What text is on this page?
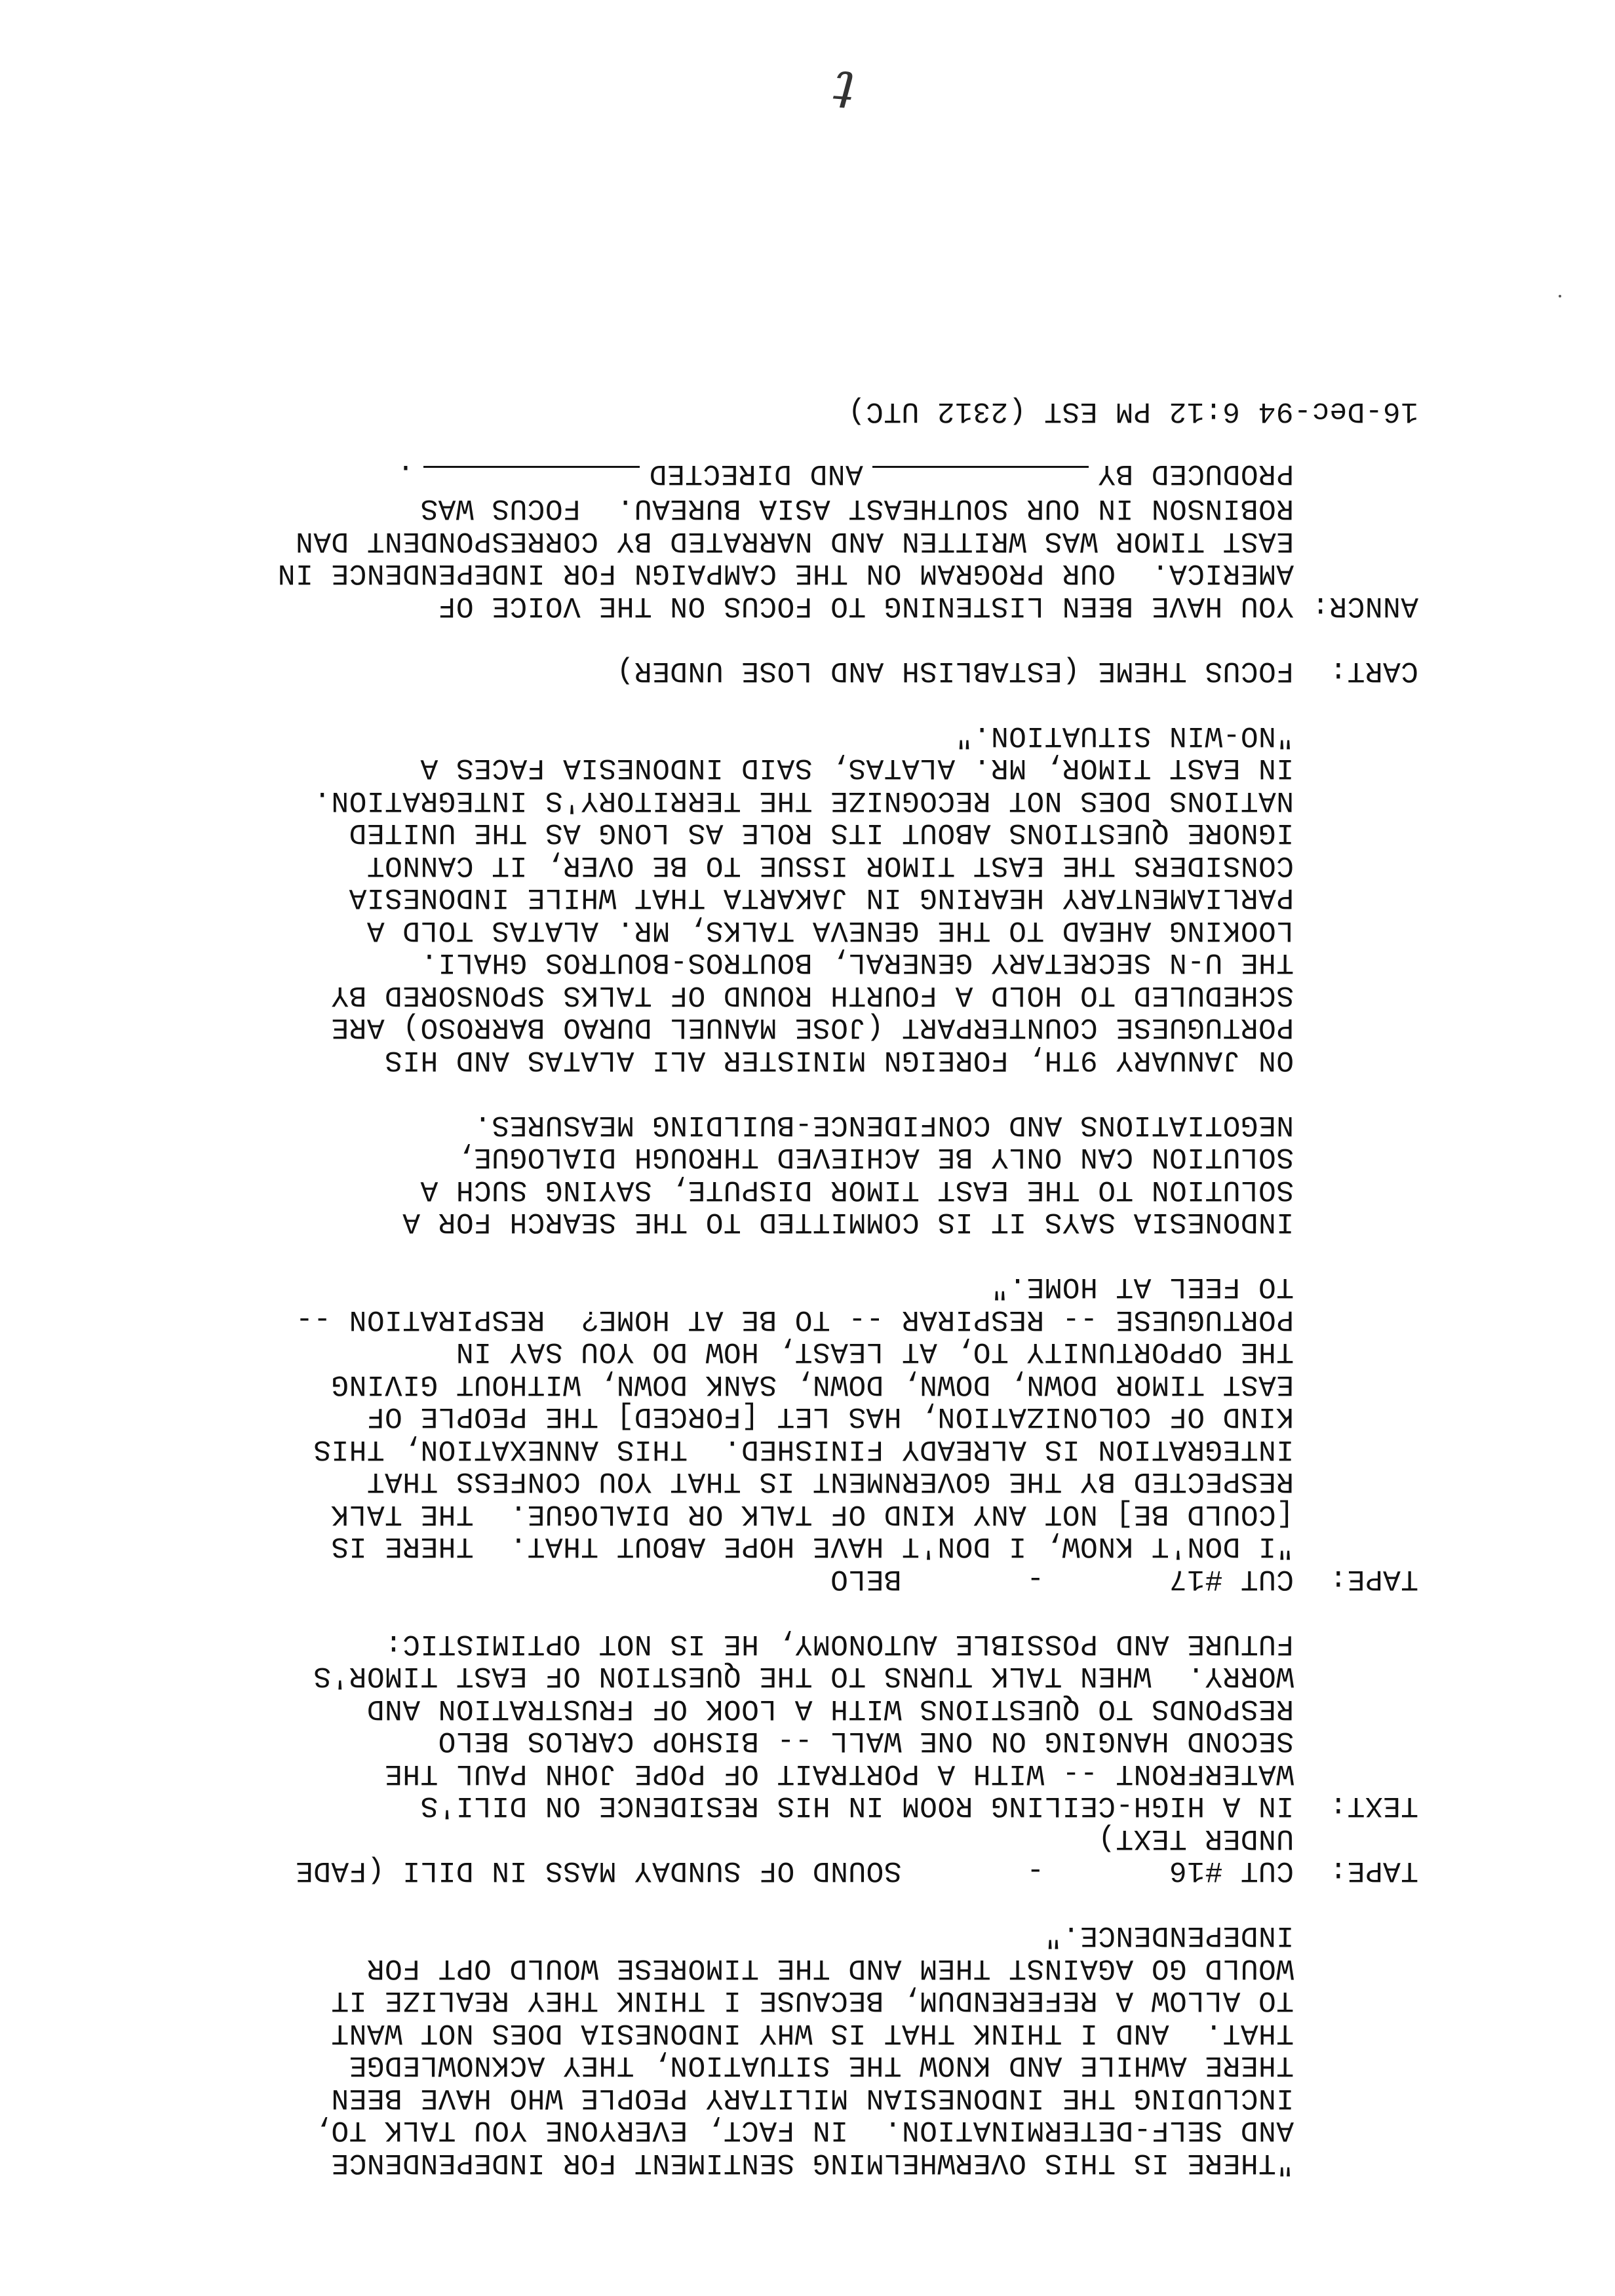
"THERE IS THIS OVERWHELMING SENTIMENT FOR INDEPENDENCE
AND SELF-DETERMINATION.  IN FACT, EVERYONE YOU TALK TO,
INCLUDING THE INDONESIAN MILITARY PEOPLE WHO HAVE BEEN
THERE AWHILE AND KNOW THE SITUATION, THEY ACKNOWLEDGE
THAT.  AND I THINK THAT IS WHY INDONESIA DOES NOT WANT
TO ALLOW A REFERENDUM, BECAUSE I THINK THEY REALIZE IT
WOULD GO AGAINST THEM AND THE TIMORESE WOULD OPT FOR
INDEPENDENCE."
TAPE:
CUT #16       -       SOUND OF SUNDAY MASS IN DILI (FADE
UNDER TEXT)
TEXT:
IN A HIGH-CEILING ROOM IN HIS RESIDENCE ON DILI'S
WATERFRONT -- WITH A PORTRAIT OF POPE JOHN PAUL THE
SECOND HANGING ON ONE WALL -- BISHOP CARLOS BELO
RESPONDS TO QUESTIONS WITH A LOOK OF FRUSTRATION AND
WORRY.  WHEN TALK TURNS TO THE QUESTION OF EAST TIMOR'S
FUTURE AND POSSIBLE AUTONOMY, HE IS NOT OPTIMISTIC:
TAPE:
CUT #17       -       BELO
"I DON'T KNOW, I DON'T HAVE HOPE ABOUT THAT.  THERE IS
[COULD BE] NOT ANY KIND OF TALK OR DIALOGUE.  THE TALK
RESPECTED BY THE GOVERNMENT IS THAT YOU CONFESS THAT
INTEGRATION IS ALREADY FINISHED.  THIS ANNEXATION, THIS
KIND OF COLONIZATION, HAS LET [FORCED] THE PEOPLE OF
EAST TIMOR DOWN, DOWN, DOWN, SANK DOWN, WITHOUT GIVING
THE OPPORTUNITY TO, AT LEAST, HOW DO YOU SAY IN
PORTUGUESE -- RESPIRAR -- TO BE AT HOME?  RESPIRATION --
TO FEEL AT HOME."
INDONESIA SAYS IT IS COMMITTED TO THE SEARCH FOR A
SOLUTION TO THE EAST TIMOR DISPUTE, SAYING SUCH A
SOLUTION CAN ONLY BE ACHIEVED THROUGH DIALOGUE,
NEGOTIATIONS AND CONFIDENCE-BUILDING MEASURES.
ON JANUARY 9TH, FOREIGN MINISTER ALI ALATAS AND HIS
PORTUGUESE COUNTERPART (JOSE MANUEL DURAO BARROSO) ARE
SCHEDULED TO HOLD A FOURTH ROUND OF TALKS SPONSORED BY
THE U-N SECRETARY GENERAL, BOUTROS-BOUTROS GHALI.
LOOKING AHEAD TO THE GENEVA TALKS, MR. ALATAS TOLD A
PARLIAMENTARY HEARING IN JAKARTA THAT WHILE INDONESIA
CONSIDERS THE EAST TIMOR ISSUE TO BE OVER, IT CANNOT
IGNORE QUESTIONS ABOUT ITS ROLE AS LONG AS THE UNITED
NATIONS DOES NOT RECOGNIZE THE TERRITORY'S INTEGRATION.
IN EAST TIMOR, MR. ALATAS, SAID INDONESIA FACES A
"NO-WIN SITUATION."
CART:
FOCUS THEME (ESTABLISH AND LOSE UNDER)
ANNCR:
YOU HAVE BEEN LISTENING TO FOCUS ON THE VOICE OF
AMERICA.  OUR PROGRAM ON THE CAMPAIGN FOR INDEPENDENCE IN
EAST TIMOR WAS WRITTEN AND NARRATED BY CORRESPONDENT DAN
ROBINSON IN OUR SOUTHEAST ASIA BUREAU.  FOCUS WAS
PRODUCED BYAND DIRECTED.
16-Dec-94 6:12 PM EST (2312 UTC)
t
